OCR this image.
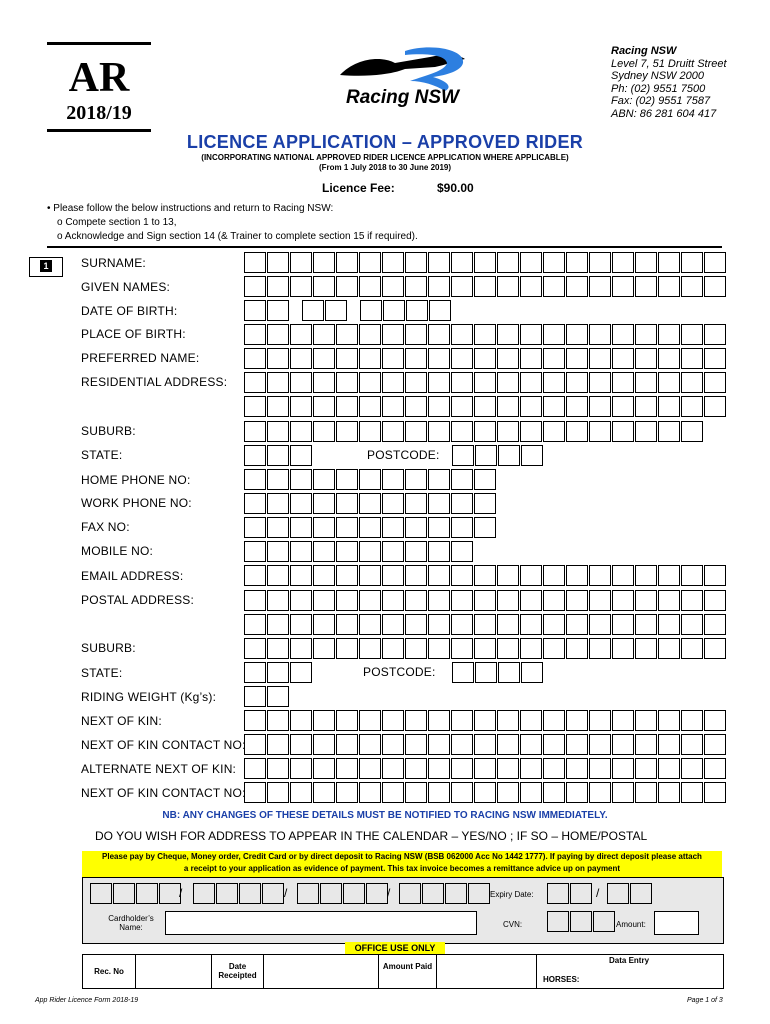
AR
2018/19
Racing NSW
Racing NSW
Level 7, 51 Druitt Street
Sydney NSW 2000
Ph: (02) 9551 7500
Fax: (02) 9551 7587
ABN: 86 281 604 417
LICENCE APPLICATION – APPROVED RIDER
(INCORPORATING NATIONAL APPROVED RIDER LICENCE APPLICATION WHERE APPLICABLE)
(From 1 July 2018 to 30 June 2019)
Licence Fee:	$90.00
• Please follow the below instructions and return to Racing NSW:
o Compete section 1 to 13,
o Acknowledge and Sign section 14 (& Trainer to complete section 15 if required).
1	SURNAME:
GIVEN NAMES:
DATE OF BIRTH:
PLACE OF BIRTH:
PREFERRED NAME:
RESIDENTIAL ADDRESS:
SUBURB:
STATE:	POSTCODE:
HOME PHONE NO:
WORK PHONE NO:
FAX NO:
MOBILE NO:
EMAIL ADDRESS:
POSTAL ADDRESS:
SUBURB:
STATE:	POSTCODE:
RIDING WEIGHT (Kg’s):
NEXT OF KIN:
NEXT OF KIN CONTACT NO:
ALTERNATE NEXT OF KIN:
NEXT OF KIN CONTACT NO:
NB: ANY CHANGES OF THESE DETAILS MUST BE NOTIFIED TO RACING NSW IMMEDIATELY.
DO YOU WISH FOR ADDRESS TO APPEAR IN THE CALENDAR – YES/NO ; IF SO – HOME/POSTAL
Please pay by Cheque, Money order, Credit Card or by direct deposit to Racing NSW (BSB 062000 Acc No 1442 1777). If paying by direct deposit please attach
a receipt to your application as evidence of payment. This tax invoice becomes a remittance advice up on payment
/	/	/	Expiry Date:	/
Cardholder’s Name:	CVN:	Amount:
OFFICE USE ONLY
Rec. No
Date Receipted
Amount Paid
Data Entry
HORSES:
App Rider Licence Form 2018-19	Page 1 of 3
